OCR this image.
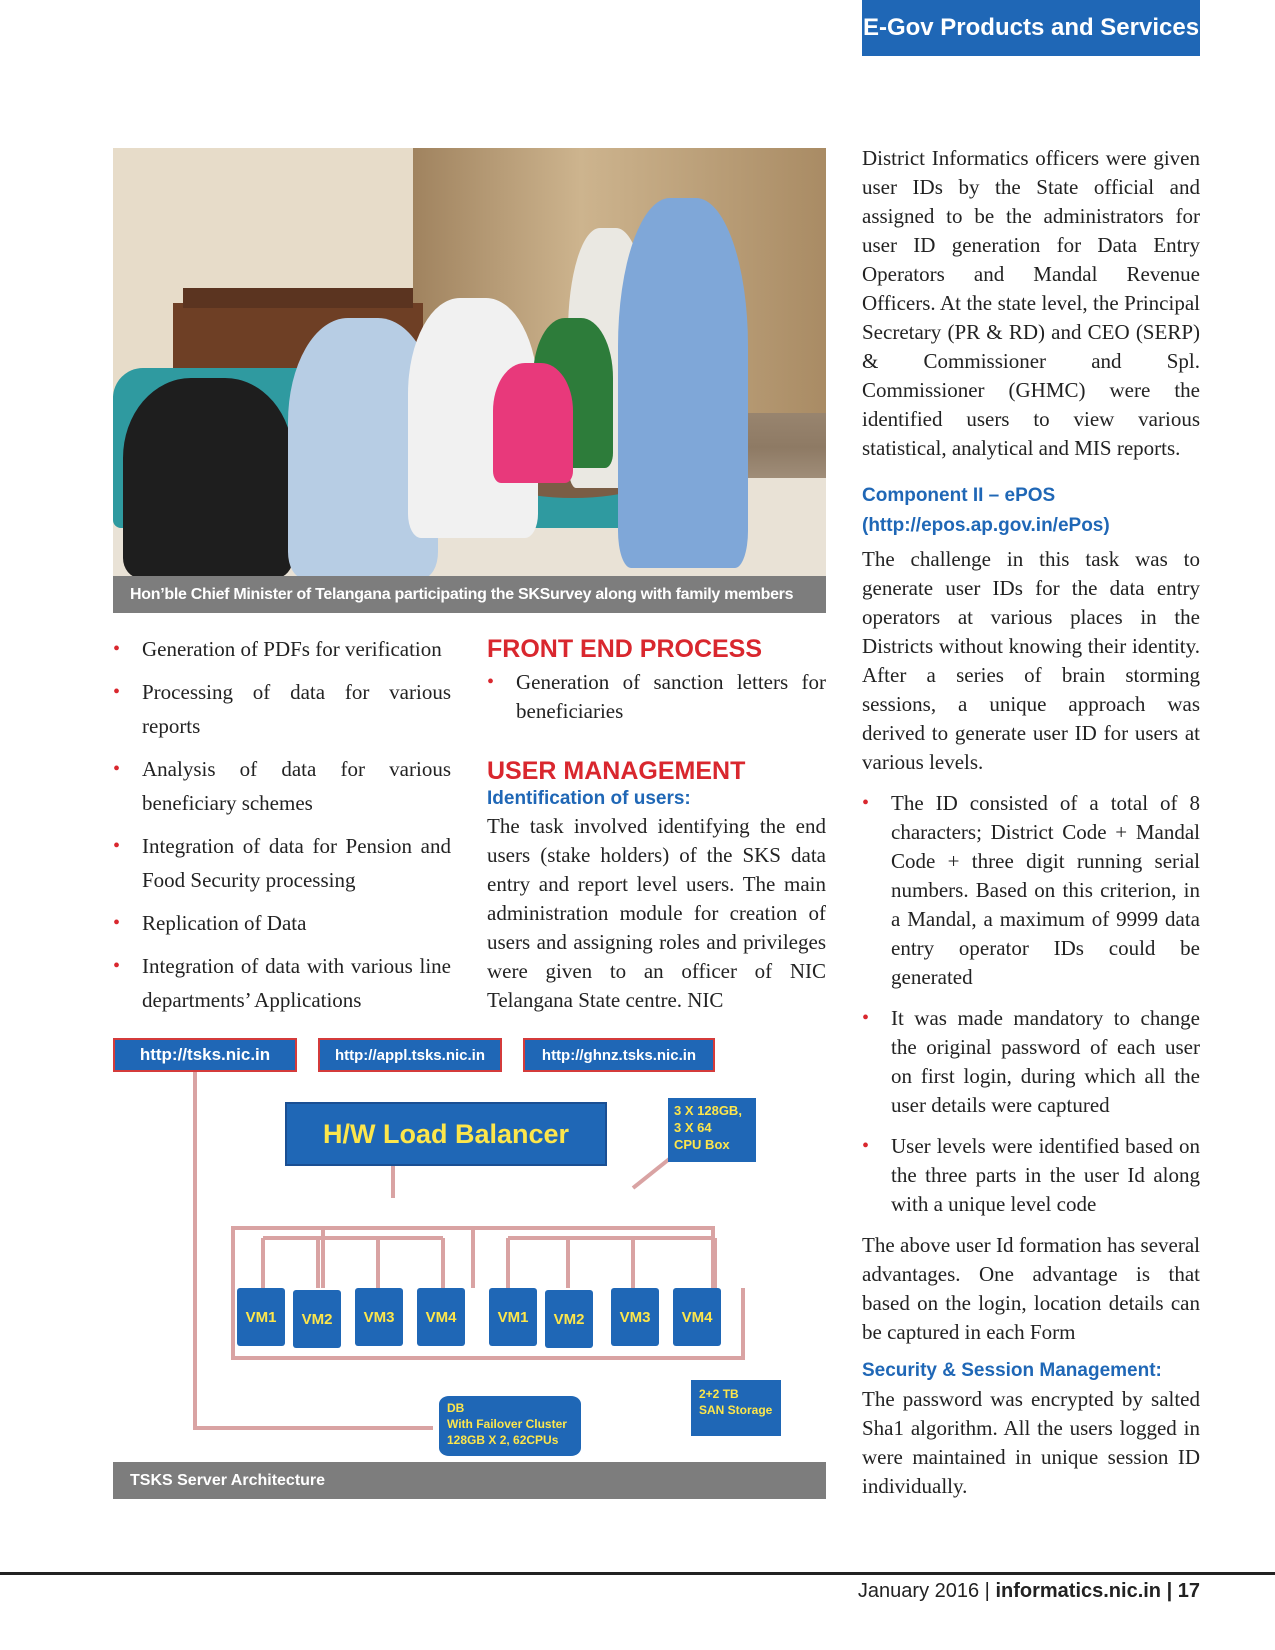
E-Gov Products and Services
Hon’ble Chief Minister of Telangana participating the SKSurvey along with family members
• Generation of PDFs for verification
• Processing of data for various reports
• Analysis of data for various beneficiary schemes
• Integration of data for Pension and Food Security processing
• Replication of Data
• Integration of data with various line departments’ Applications
FRONT END PROCESS
• Generation of sanction letters for beneficiaries
USER MANAGEMENT
Identification of users:

The task involved identifying the end users (stake holders) of the SKS data entry and report level users. The main administration module for creation of users and assigning roles and privileges were given to an officer of NIC Telangana State centre. NIC

District Informatics officers were given user IDs by the State official and assigned to be the administrators for user ID generation for Data Entry Operators and Mandal Revenue Officers. At the state level, the Principal Secretary (PR & RD) and CEO (SERP) & Commissioner and Spl. Commissioner (GHMC) were the identified users to view various statistical, analytical and MIS reports.

Component II – ePOS
(http://epos.ap.gov.in/ePos)

The challenge in this task was to generate user IDs for the data entry operators at various places in the Districts without knowing their identity. After a series of brain storming sessions, a unique approach was derived to generate user ID for users at various levels.

• The ID consisted of a total of 8 characters; District Code + Mandal Code + three digit running serial numbers. Based on this criterion, in a Mandal, a maximum of 9999 data entry operator IDs could be generated
• It was made mandatory to change the original password of each user on first login, during which all the user details were captured
• User levels were identified based on the three parts in the user Id along with a unique level code

The above user Id formation has several advantages. One advantage is that based on the login, location details can be captured in each Form

Security & Session Management:

The password was encrypted by salted Sha1 algorithm. All the users logged in were maintained in unique session ID individually.

http://tsks.nic.in	http://appl.tsks.nic.in	http://ghnz.tsks.nic.in
H/W Load Balancer
3 X 128GB,
3 X 64
CPU Box
VM1 VM2 VM3 VM4	VM1 VM2 VM3 VM4
DB
With Failover Cluster
128GB X 2, 62CPUs
2+2 TB
SAN Storage
TSKS Server Architecture
January 2016 | informatics.nic.in | 17
